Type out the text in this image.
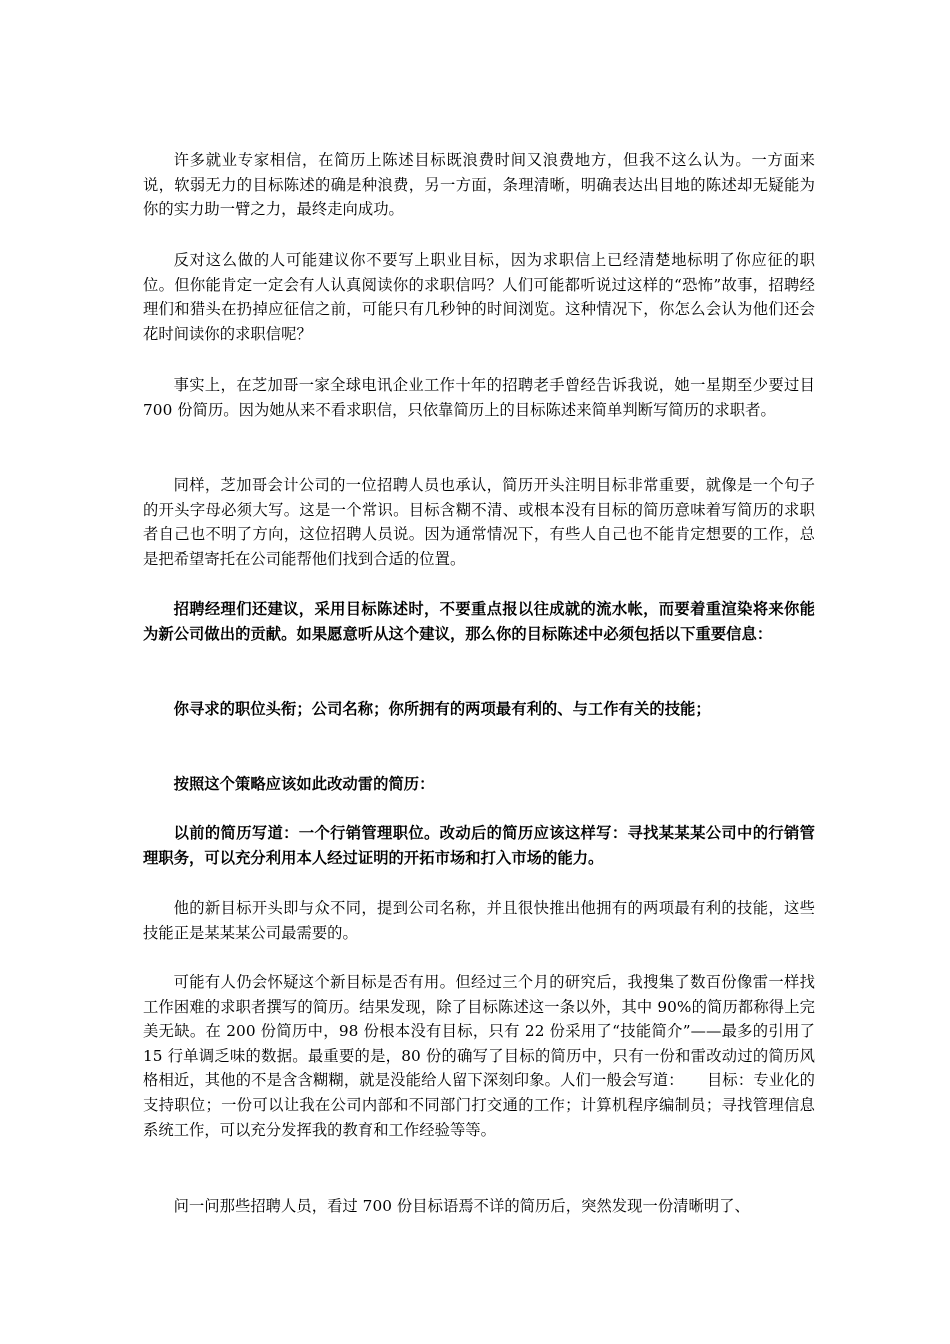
许多就业专家相信，在简历上陈述目标既浪费时间又浪费地方，但我不这么认为。一方面来说，软弱无力的目标陈述的确是种浪费，另一方面，条理清晰，明确表达出目地的陈述却无疑能为你的实力助一臂之力，最终走向成功。

反对这么做的人可能建议你不要写上职业目标，因为求职信上已经清楚地标明了你应征的职位。但你能肯定一定会有人认真阅读你的求职信吗？人们可能都听说过这样的“恐怖”故事，招聘经理们和猎头在扔掉应征信之前，可能只有几秒钟的时间浏览。这种情况下，你怎么会认为他们还会花时间读你的求职信呢？

事实上，在芝加哥一家全球电讯企业工作十年的招聘老手曾经告诉我说，她一星期至少要过目 700 份简历。因为她从来不看求职信，只依靠简历上的目标陈述来简单判断写简历的求职者。

同样，芝加哥会计公司的一位招聘人员也承认，简历开头注明目标非常重要，就像是一个句子的开头字母必须大写。这是一个常识。目标含糊不清、或根本没有目标的简历意味着写简历的求职者自己也不明了方向，这位招聘人员说。因为通常情况下，有些人自己也不能肯定想要的工作，总是把希望寄托在公司能帮他们找到合适的位置。

招聘经理们还建议，采用目标陈述时，不要重点报以往成就的流水帐，而要着重渲染将来你能为新公司做出的贡献。如果愿意听从这个建议，那么你的目标陈述中必须包括以下重要信息：

你寻求的职位头衔；公司名称；你所拥有的两项最有利的、与工作有关的技能；

按照这个策略应该如此改动雷的简历：

以前的简历写道：一个行销管理职位。改动后的简历应该这样写：寻找某某某公司中的行销管理职务，可以充分利用本人经过证明的开拓市场和打入市场的能力。

他的新目标开头即与众不同，提到公司名称，并且很快推出他拥有的两项最有利的技能，这些技能正是某某某公司最需要的。

可能有人仍会怀疑这个新目标是否有用。但经过三个月的研究后，我搜集了数百份像雷一样找工作困难的求职者撰写的简历。结果发现，除了目标陈述这一条以外，其中 90%的简历都称得上完美无缺。在 200 份简历中，98 份根本没有目标，只有 22 份采用了“技能简介”——最多的引用了 15 行单调乏味的数据。最重要的是，80 份的确写了目标的简历中，只有一份和雷改动过的简历风格相近，其他的不是含含糊糊，就是没能给人留下深刻印象。人们一般会写道：　　目标：专业化的支持职位；一份可以让我在公司内部和不同部门打交通的工作；计算机程序编制员；寻找管理信息系统工作，可以充分发挥我的教育和工作经验等等。

问一问那些招聘人员，看过 700 份目标语焉不详的简历后，突然发现一份清晰明了、
